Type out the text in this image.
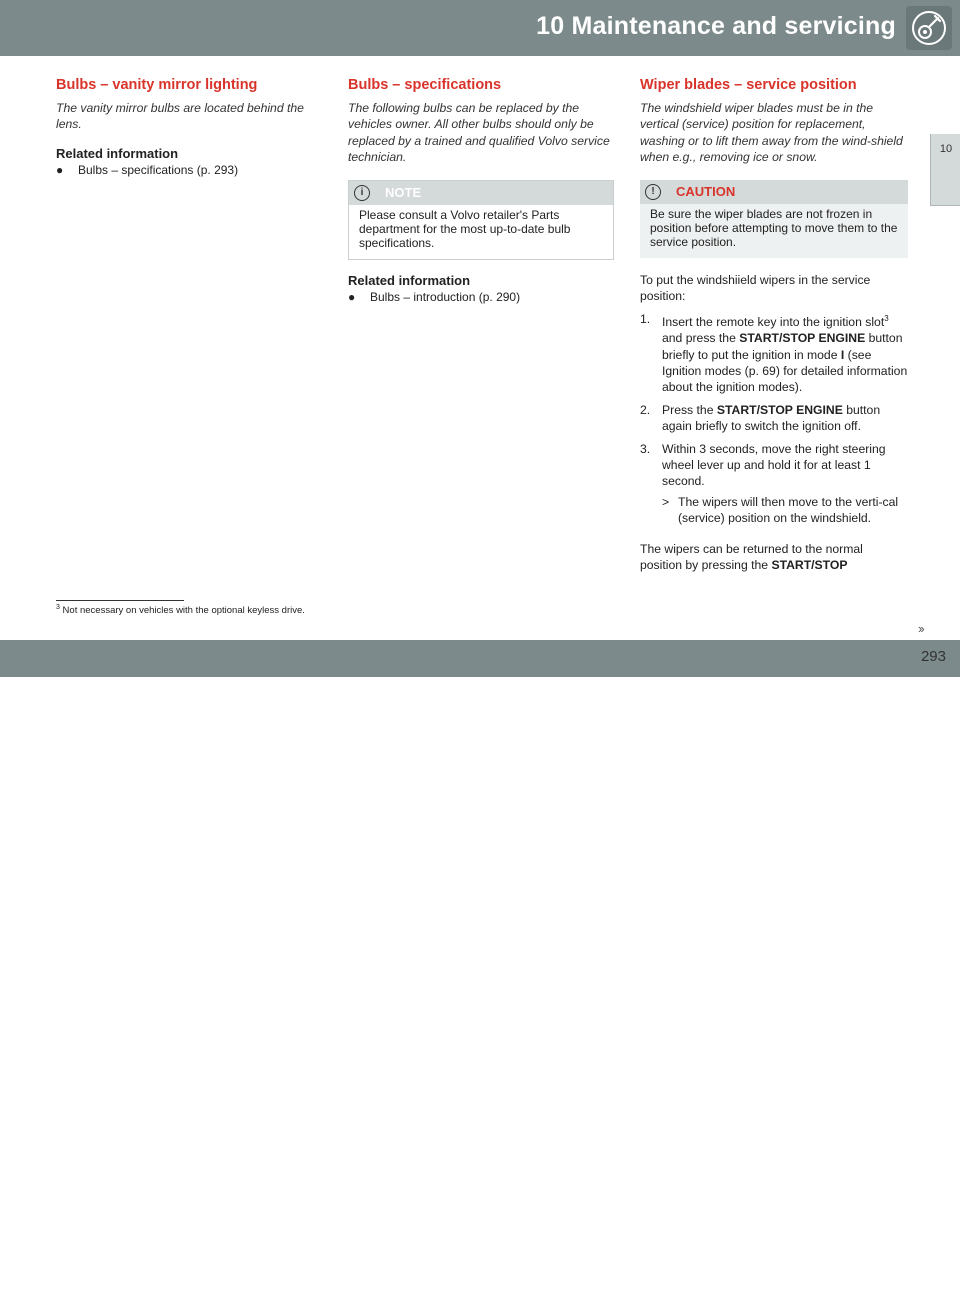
10 Maintenance and servicing
10
Bulbs – vanity mirror lighting

The vanity mirror bulbs are located behind the lens.

Related information
●	Bulbs – specifications (p. 293)
Bulbs – specifications

The following bulbs can be replaced by the vehicles owner. All other bulbs should only be replaced by a trained and qualified Volvo service technician.

i	NOTE
Please consult a Volvo retailer's Parts department for the most up-to-date bulb specifications.
Related information
●	Bulbs – introduction (p. 290)
Wiper blades – service position

The windshield wiper blades must be in the vertical (service) position for replacement, washing or to lift them away from the wind-shield when e.g., removing ice or snow.

!	CAUTION
Be sure the wiper blades are not frozen in position before attempting to move them to the service position.

To put the windshiield wipers in the service position:

1. Insert the remote key into the ignition slot$^3$ and press the START/STOP ENGINE button briefly to put the ignition in mode I (see Ignition modes (p. 69) for detailed information about the ignition modes).
2. Press the START/STOP ENGINE button again briefly to switch the ignition off.
3. Within 3 seconds, move the right steering wheel lever up and hold it for at least 1 second.
> The wipers will then move to the verti-cal (service) position on the windshield.

The wipers can be returned to the normal position by pressing the START/STOP

$^3$ Not necessary on vehicles with the optional keyless drive.
››
carmanualsonline.info
293
